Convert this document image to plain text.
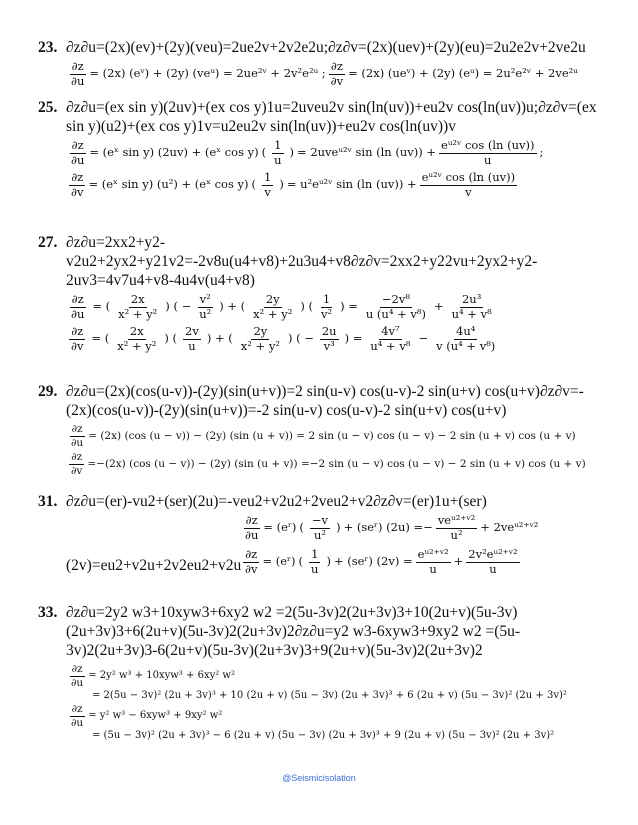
23. ∂z∂u=(2x)(ev)+(2y)(veu)=2ue2v+2v2e2u;∂z∂v=(2x)(uev)+(2y)(eu)=2u2e2v+2ve2u
$\frac{\partial z}{\partial u} = (2x)$ (eᵛ) + (2y) (veᵘ) = 2ue²ᵛ + 2v²e²ᵘ ; $\frac{\partial z}{\partial v} = (2x)$ (ueᵛ) + (2y) (eᵘ) = 2u²e²ᵛ + 2ve²ᵘ
25. ∂z∂u=(ex sin y)(2uv)+(ex cos y)1u=2uveu2v sin(ln(uv))+eu2v cos(ln(uv))u;∂z∂v=(ex sin y)(u2)+(ex cos y)1v=u2eu2v sin(ln(uv))+eu2v cos(ln(uv))v
$\frac{\partial z}{\partial u}$ = (eˣ sin y) (2uv) + (eˣ cos y) ( $\frac{1}{u}$ ) = 2uveᵘ²ᵛ sin (ln $(uv)) + \frac{\text{eᵘ²ᵛ cos (ln (uv))}}{u}$ ;
$\frac{\partial z}{\partial v}$ = (eˣ sin y) (u²) + (eˣ cos y) ( $\frac{1}{v}$ ) = u²eᵘ²ᵛ sin (ln $(uv)) + \frac{\text{eᵘ²ᵛ cos (ln (uv))}}{v}$
27. ∂z∂u=2xx2+y2-v2u2+2yx2+y21v2=-2v8u(u4+v8)+2u3u4+v8∂z∂v=2xx2+y22vu+2yx2+y2-2uv3=4v7u4+v8-4u4v(u4+v8)
$\frac{\partial z}{\partial u}$ = ( $\frac{2x}{\text{x² + y²}}$ ) ( − $\frac{\text{v²}}{\text{u²}}$ ) + ( $\frac{2y}{\text{x² + y²}}$ ) ( $\frac{1}{\text{v²}}$ ) = $\frac{\text{−2v⁸}}{\text{u (u⁴ + v⁸)}} + \frac{\text{2u³}}{\text{u⁴ + v⁸}}$
$\frac{\partial z}{\partial v}$ = ( $\frac{2x}{\text{x² + y²}}$ ) ( $\frac{2v}{u}$ ) + ( $\frac{2y}{\text{x² + y²}}$ ) ( − $\frac{2u}{\text{v³}}$ ) = $\frac{\text{4v⁷}}{\text{u⁴ + v⁸}} - \frac{\text{4u⁴}}{\text{v (u⁴ + v⁸)}}$
29. ∂z∂u=(2x)(cos(u-v))-(2y)(sin(u+v))=2 sin(u-v) cos(u-v)-2 sin(u+v) cos(u+v)∂z∂v=-(2x)(cos(u-v))-(2y)(sin(u+v))=-2 sin(u-v) cos(u-v)-2 sin(u+v) cos(u+v)
$\frac{\partial z}{\partial u} = (2x)$ (cos (u − v)) − (2y) (sin (u + v)) = 2 sin (u − v) cos (u − v) − 2 sin (u + v) cos (u + v)
$\frac{\partial z}{\partial v} =-(2x)$ (cos (u − v)) − (2y) (sin (u + v)) =−2 sin (u − v) cos (u − v) − 2 sin (u + v) cos (u + v)
31. ∂z∂u=(er)-vu2+(ser)(2u)=-veu2+v2u2+2veu2+v2∂z∂v=(er)1u+(ser)
$\frac{\partial z}{\partial u}$ = (eʳ) ( $\frac{-v}{\text{u²}}$ ) + (seʳ) $(2u) =- \frac{\text{veᵘ²⁺ᵛ²}}{\text{u²}}$ + 2veᵘ²⁺ᵛ²
$(2v)=eu2+v2u+2v2eu2+v2u \frac{\partial z}{\partial v}$ = (eʳ) ( $\frac{1}{u}$ ) + (seʳ) $(2v) = \frac{\text{eᵘ²⁺ᵛ²}}{u} + \frac{\text{2v²eᵘ²⁺ᵛ²}}{u}$
33. ∂z∂u=2y2 w3+10xyw3+6xy2 w2 =2(5u-3v)2(2u+3v)3+10(2u+v)(5u-3v)(2u+3v)3+6(2u+v)(5u-3v)2(2u+3v)2∂z∂u=y2 w3-6xyw3+9xy2 w2 =(5u-3v)2(2u+3v)3-6(2u+v)(5u-3v)(2u+3v)3+9(2u+v)(5u-3v)2(2u+3v)2
$\frac{\partial z}{\partial u} = 2y^2$ w³ + 10xyw³ + 6xy² w²
= 2(5u − 3v)² (2u + 3v)³ + 10 (2u + v) (5u − 3v) (2u + 3v)³ + 6 (2u + v) (5u − 3v)² (2u + 3v)²
$\frac{\partial z}{\partial u} = y^2$ w³ − 6xyw³ + 9xy² w²
= (5u − 3v)² (2u + 3v)³ − 6 (2u + v) (5u − 3v) (2u + 3v)³ + 9 (2u + v) (5u − 3v)² (2u + 3v)²
@Seismicisolation
